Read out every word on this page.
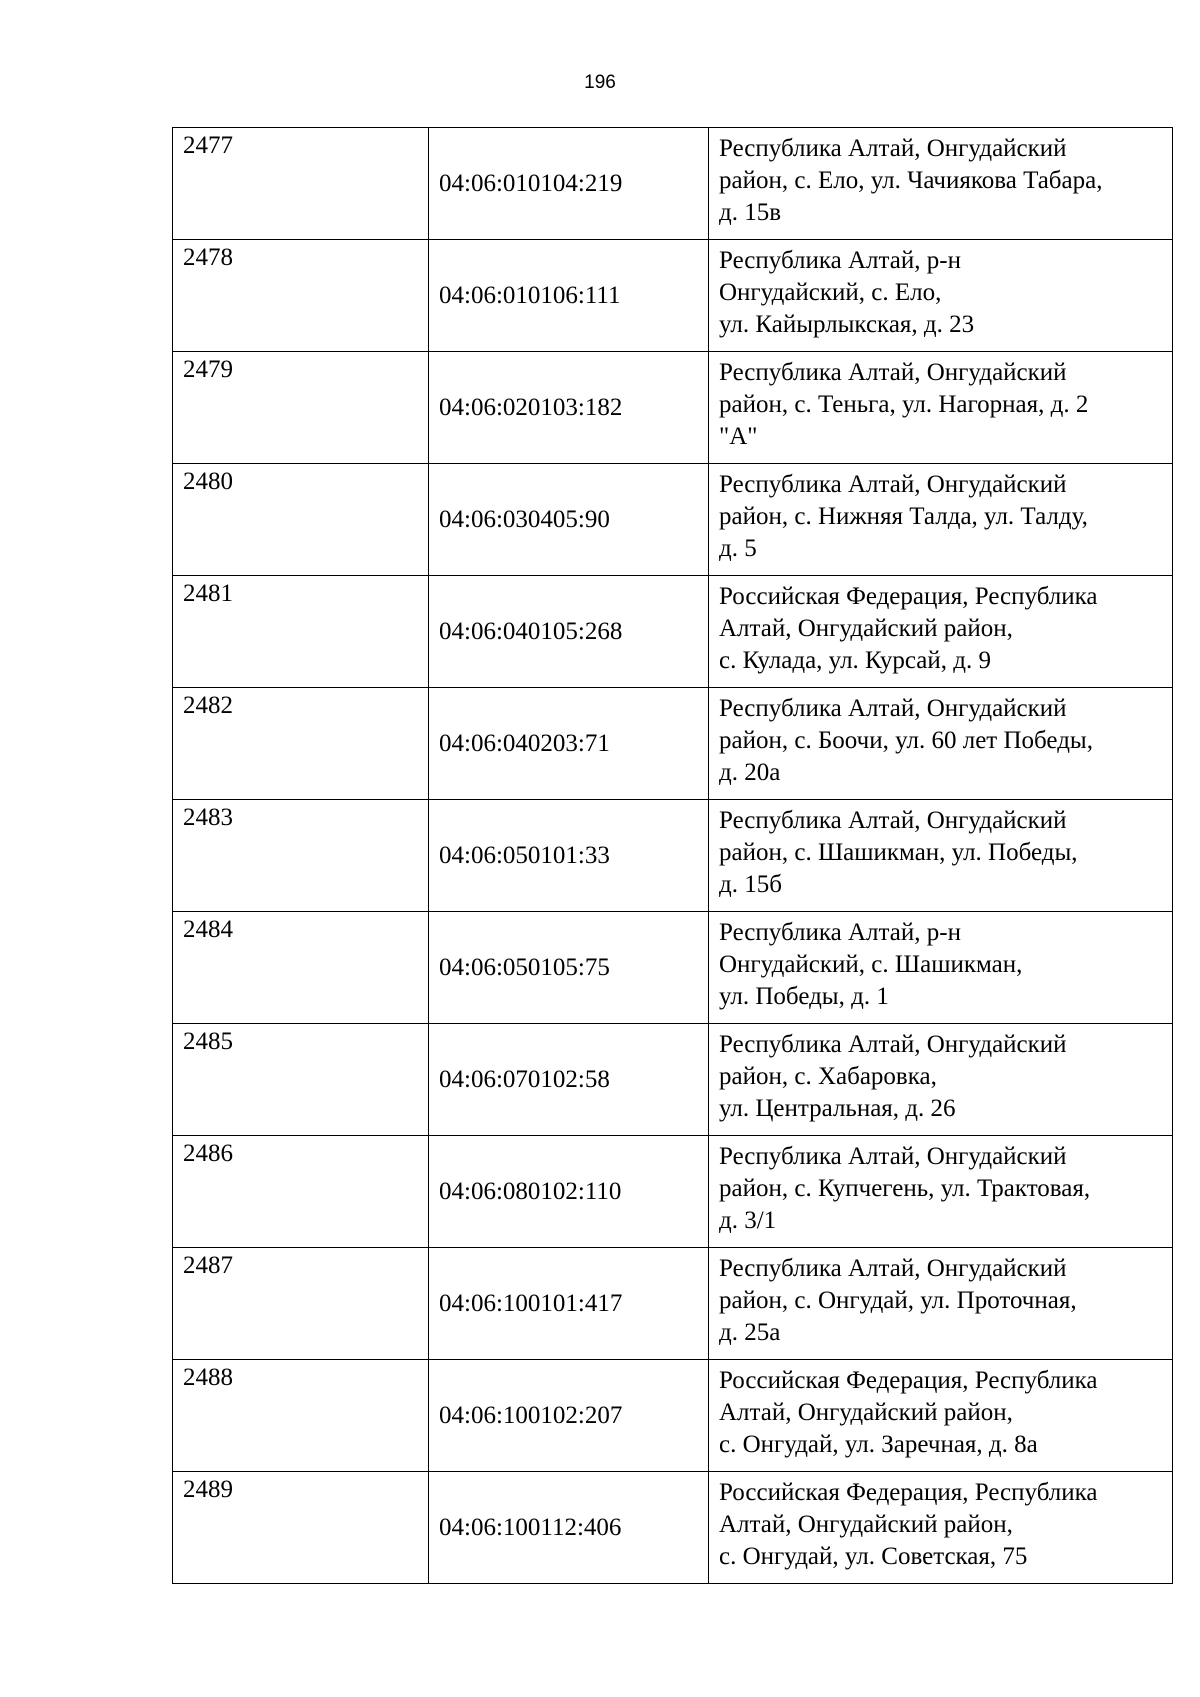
196
2477	04:06:010104:219	Республика Алтай, Онгудайский
район, с. Ело, ул. Чачиякова Табара,
д. 15в
2478	04:06:010106:111	Республика Алтай, р-н
Онгудайский, с. Ело,
ул. Кайырлыкская, д. 23
2479	04:06:020103:182	Республика Алтай, Онгудайский
район, с. Теньга, ул. Нагорная, д. 2
"А"
2480	04:06:030405:90	Республика Алтай, Онгудайский
район, с. Нижняя Талда, ул. Талду,
д. 5
2481	04:06:040105:268	Российская Федерация, Республика
Алтай, Онгудайский район,
с. Кулада, ул. Курсай, д. 9
2482	04:06:040203:71	Республика Алтай, Онгудайский
район, с. Боочи, ул. 60 лет Победы,
д. 20а
2483	04:06:050101:33	Республика Алтай, Онгудайский
район, с. Шашикман, ул. Победы,
д. 15б
2484	04:06:050105:75	Республика Алтай, р-н
Онгудайский, с. Шашикман,
ул. Победы, д. 1
2485	04:06:070102:58	Республика Алтай, Онгудайский
район, с. Хабаровка,
ул. Центральная, д. 26
2486	04:06:080102:110	Республика Алтай, Онгудайский
район, с. Купчегень, ул. Трактовая,
д. 3/1
2487	04:06:100101:417	Республика Алтай, Онгудайский
район, с. Онгудай, ул. Проточная,
д. 25а
2488	04:06:100102:207	Российская Федерация, Республика
Алтай, Онгудайский район,
с. Онгудай, ул. Заречная, д. 8а
2489	04:06:100112:406	Российская Федерация, Республика
Алтай, Онгудайский район,
с. Онгудай, ул. Советская, 75
